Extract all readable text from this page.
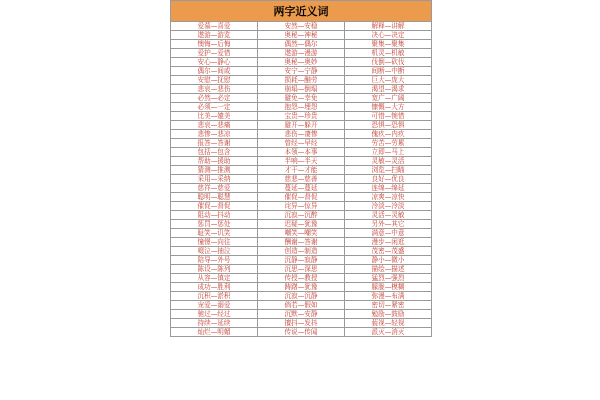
两字近义词		
爱慕—喜爱	安然—安稳	解释—讲解
遨游—游览	奥秘—神秘	决心—决定
懊悔—后悔	偶然—偶尔	聚集—聚集
爱护—爱惜	遨游—漫游	机灵—机敏
安心—静心	奥秘—奥妙	伐倒—砍伐
偶尔—间或	安宁—宁静	间断—中断
安慰—抚慰	损耗—酗劳	巨大—庞大
悲哀—悲伤	崩塌—倒塌	渴望—渴求
必然—必定	避免—幸免	宽广—广阔
必须—一定	抱怨—埋怨	慷慨—大方
比美—媲美	宝贵—珍贵	可惜—惋惜
悲哀—悲痛	避开—躲开	恐惧—恐惧
悲惨—悲凉	悲伤—凄惨	傀疚—内疚
报答—答谢	曾经—早经	劳苦—劳累
包括—包含	本领—本事	立即—马上
帮助—援助	半响—半天	灵敏—灵活
猜测—推测	才干—才能	浏览—扫瞄
采用—采纳	慈悲—慈善	良好—优良
慈祥—慈爱	蔓延—蔓延	连绵—绵延
聪明—聪慧	催促—督促	凉爽—凉快
催促—督促	诧异—惊异	冷淡—冷淡
阻动—抖动	沉寂—沉醉	灵活—灵敏
惩罚—惩处	迟疑—犹豫	另外—其它
耻笑—讥笑	嘲笑—嘲笑	满意—中意
憧憬—向往	酬谢—答谢	漫步—闲逛
啜泣—抽泣	创造—制造	茂密—茂盛
陪导—外号	沉静—寂静	静小—微小
陈设—陈列	沉思—深思	描绘—描述
从容—镇定	传授—教授	猛烈—强烈
成功—胜利	踌躇—犹豫	朦胧—模糊
沉积—淤积	沉寂—沉静	弥漫—布满
宠爱—溺爱	倘若—假如	密切—紧密
驰过—经过	沉默—安静	勉励—鼓励
持续—延续	擅抖—发抖	藐视—轻视
灿烂—明媚	传说—传闻	派灭—消灭
